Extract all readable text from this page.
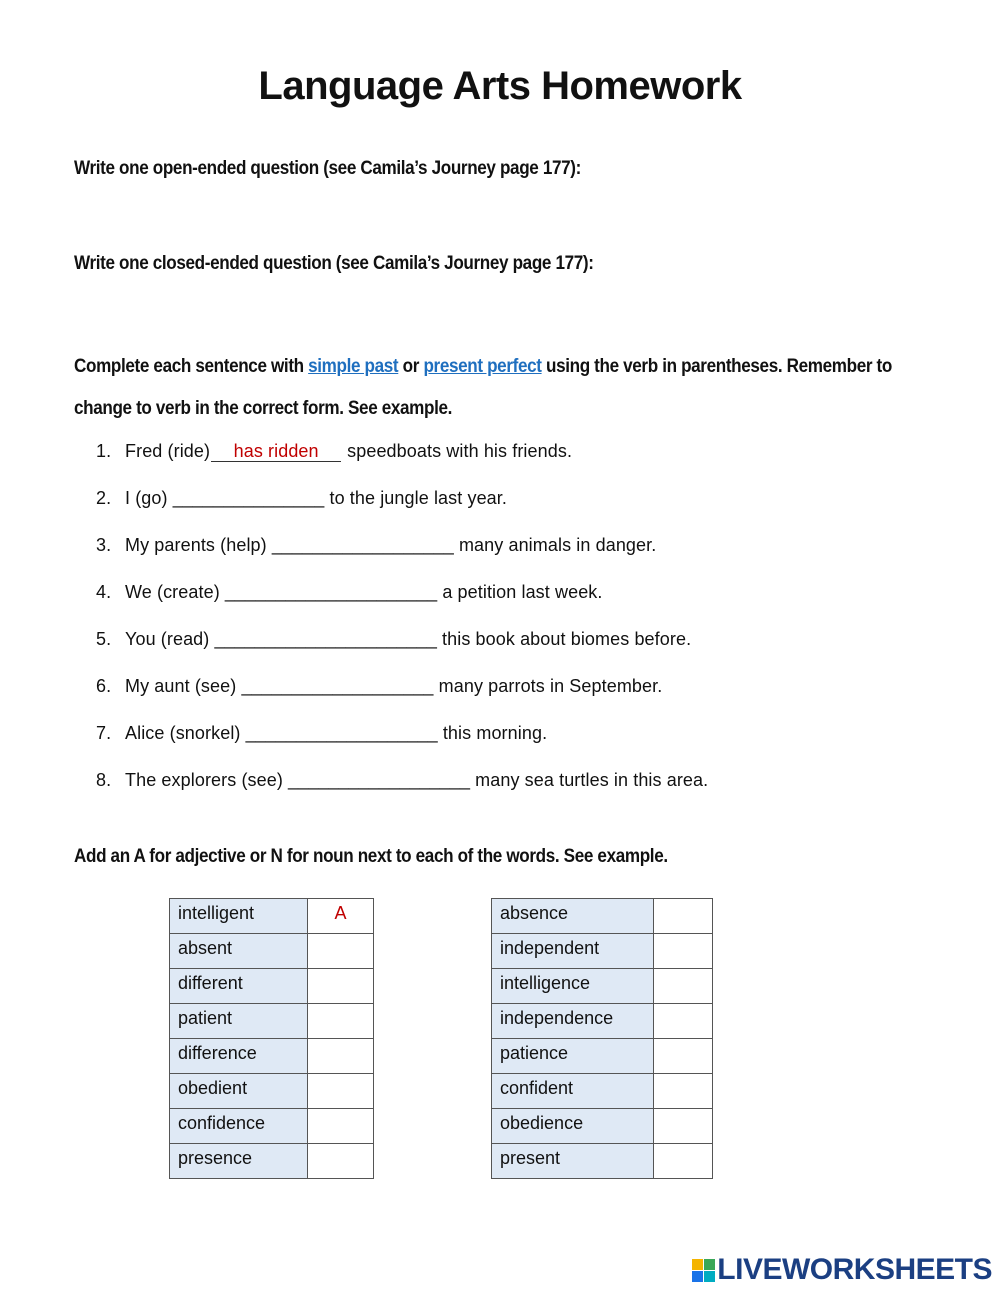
Language Arts Homework
Write one open-ended question (see Camila’s Journey page 177):
Write one closed-ended question (see Camila’s Journey page 177):
Complete each sentence with simple past or present perfect using the verb in parentheses. Remember to
change to verb in the correct form. See example.
1. Fred (ride) has ridden speedboats with his friends.
2. I (go) _______________ to the jungle last year.
3. My parents (help) __________________ many animals in danger.
4. We (create) _____________________ a petition last week.
5. You (read) ______________________ this book about biomes before.
6. My aunt (see) ___________________ many parrots in September.
7. Alice (snorkel) ___________________ this morning.
8. The explorers (see) __________________ many sea turtles in this area.
Add an A for adjective or N for noun next to each of the words. See example.
intelligent	A
absent	
different	
patient	
difference	
obedient	
confidence	
presence	
absence	
independent	
intelligence	
independence	
patience	
confident	
obedience	
present	
LIVEWORKSHEETS
